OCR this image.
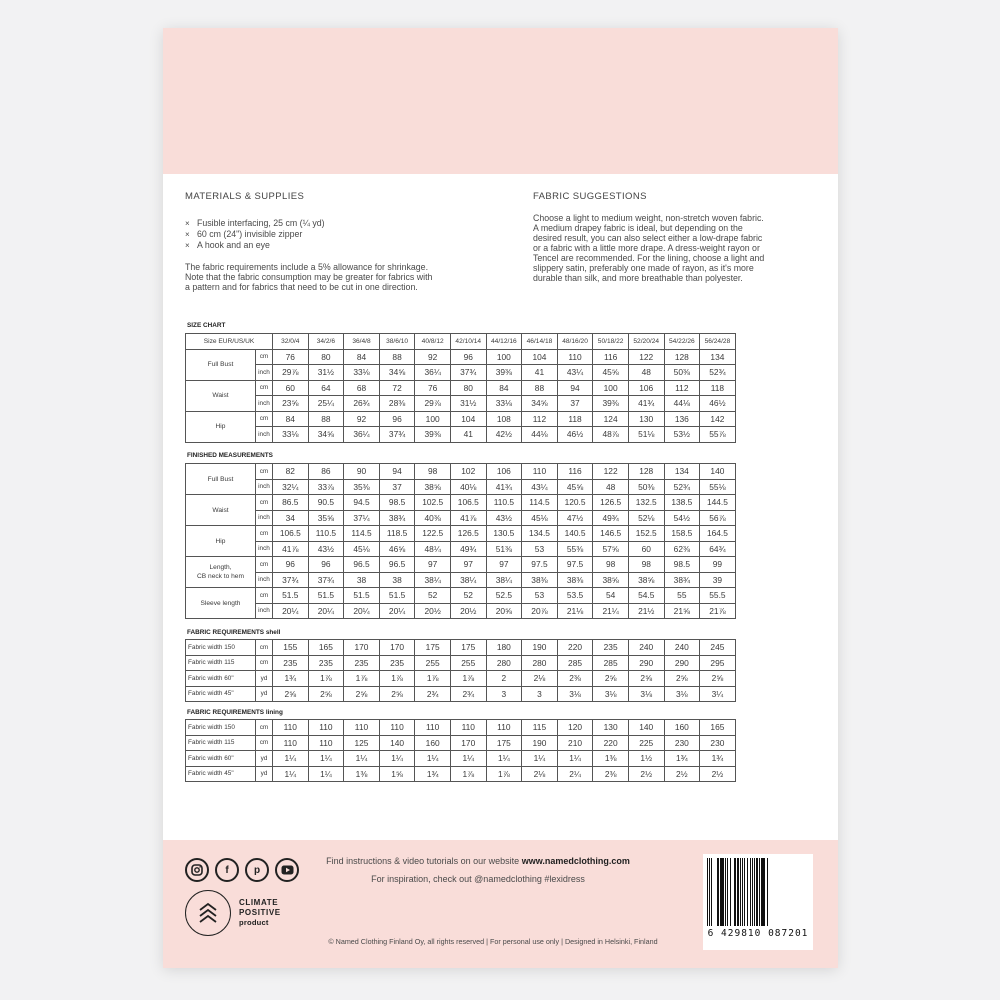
MATERIALS & SUPPLIES
× Fusible interfacing, 25 cm (¼ yd)
× 60 cm (24") invisible zipper
× A hook and an eye
The fabric requirements include a 5% allowance for shrinkage.
Note that the fabric consumption may be greater for fabrics with
a pattern and for fabrics that need to be cut in one direction.
FABRIC SUGGESTIONS
Choose a light to medium weight, non-stretch woven fabric.
A medium drapey fabric is ideal, but depending on the
desired result, you can also select either a low-drape fabric
or a fabric with a little more drape. A dress-weight rayon or
Tencel are recommended. For the lining, choose a light and
slippery satin, preferably one made of rayon, as it's more
durable than silk, and more breathable than polyester.
SIZE CHART
Size EUR/US/UK		32/0/4	34/2/6	36/4/8	38/6/10	40/8/12	42/10/14	44/12/16	46/14/18	48/16/20	50/18/22	52/20/24	54/22/26	56/24/28
Full Bust	cm	76	80	84	88	92	96	100	104	110	116	122	128	134
	inch	29⅞	31½	33⅛	34⅝	36¼	37¾	39⅜	41	43¼	45⅝	48	50⅜	52¾
Waist	cm	60	64	68	72	76	80	84	88	94	100	106	112	118
	inch	23⅝	25¼	26¾	28⅜	29⅞	31½	33⅛	34⅝	37	39⅜	41¾	44⅛	46½
Hip	cm	84	88	92	96	100	104	108	112	118	124	130	136	142
	inch	33⅛	34⅝	36¼	37¾	39⅜	41	42½	44⅛	46½	48⅞	51⅛	53½	55⅞
FINISHED MEASUREMENTS
Full Bust	cm	82	86	90	94	98	102	106	110	116	122	128	134	140
	inch	32¼	33⅞	35⅜	37	38⅝	40⅛	41¾	43¼	45⅝	48	50⅜	52¾	55⅛
Waist	cm	86.5	90.5	94.5	98.5	102.5	106.5	110.5	114.5	120.5	126.5	132.5	138.5	144.5
	inch	34	35⅝	37¼	38¾	40⅜	41⅞	43½	45⅛	47½	49¾	52⅛	54½	56⅞
Hip	cm	106.5	110.5	114.5	118.5	122.5	126.5	130.5	134.5	140.5	146.5	152.5	158.5	164.5
	inch	41⅞	43½	45⅛	46⅝	48¼	49¾	51⅜	53	55⅜	57⅝	60	62⅜	64¾
Length,
CB neck to hem	cm	96	96	96.5	96.5	97	97	97	97.5	97.5	98	98	98.5	99
	inch	37¾	37¾	38	38	38¼	38¼	38¼	38⅜	38⅜	38⅝	38⅝	38¾	39
Sleeve length	cm	51.5	51.5	51.5	51.5	52	52	52.5	53	53.5	54	54.5	55	55.5
	inch	20¼	20¼	20¼	20¼	20½	20½	20⅝	20⅞	21⅛	21¼	21½	21⅝	21⅞
FABRIC REQUIREMENTS shell
Fabric width 150	cm	155	165	170	170	175	175	180	190	220	235	240	240	245
Fabric width 115	cm	235	235	235	235	255	255	280	280	285	285	290	290	295
Fabric width 60"	yd	1¾	1⅞	1⅞	1⅞	1⅞	1⅞	2	2⅛	2⅜	2⅝	2⅝	2⅝	2⅝
Fabric width 45"	yd	2⅝	2⅝	2⅝	2⅝	2¾	2¾	3	3	3⅛	3⅛	3⅛	3⅛	3¼
FABRIC REQUIREMENTS lining
Fabric width 150	cm	110	110	110	110	110	110	110	115	120	130	140	160	165
Fabric width 115	cm	110	110	125	140	160	170	175	190	210	220	225	230	230
Fabric width 60"	yd	1¼	1¼	1¼	1¼	1¼	1¼	1¼	1¼	1¼	1⅜	1½	1¾	1¾
Fabric width 45"	yd	1¼	1¼	1⅜	1⅝	1¾	1⅞	1⅞	2⅛	2¼	2⅜	2½	2½	2½
f	p
CLIMATE
POSITIVE
product
Find instructions & video tutorials on our website www.namedclothing.com
For inspiration, check out @namedclothing #lexidress
© Named Clothing Finland Oy, all rights reserved | For personal use only | Designed in Helsinki, Finland
6 429810 087201
